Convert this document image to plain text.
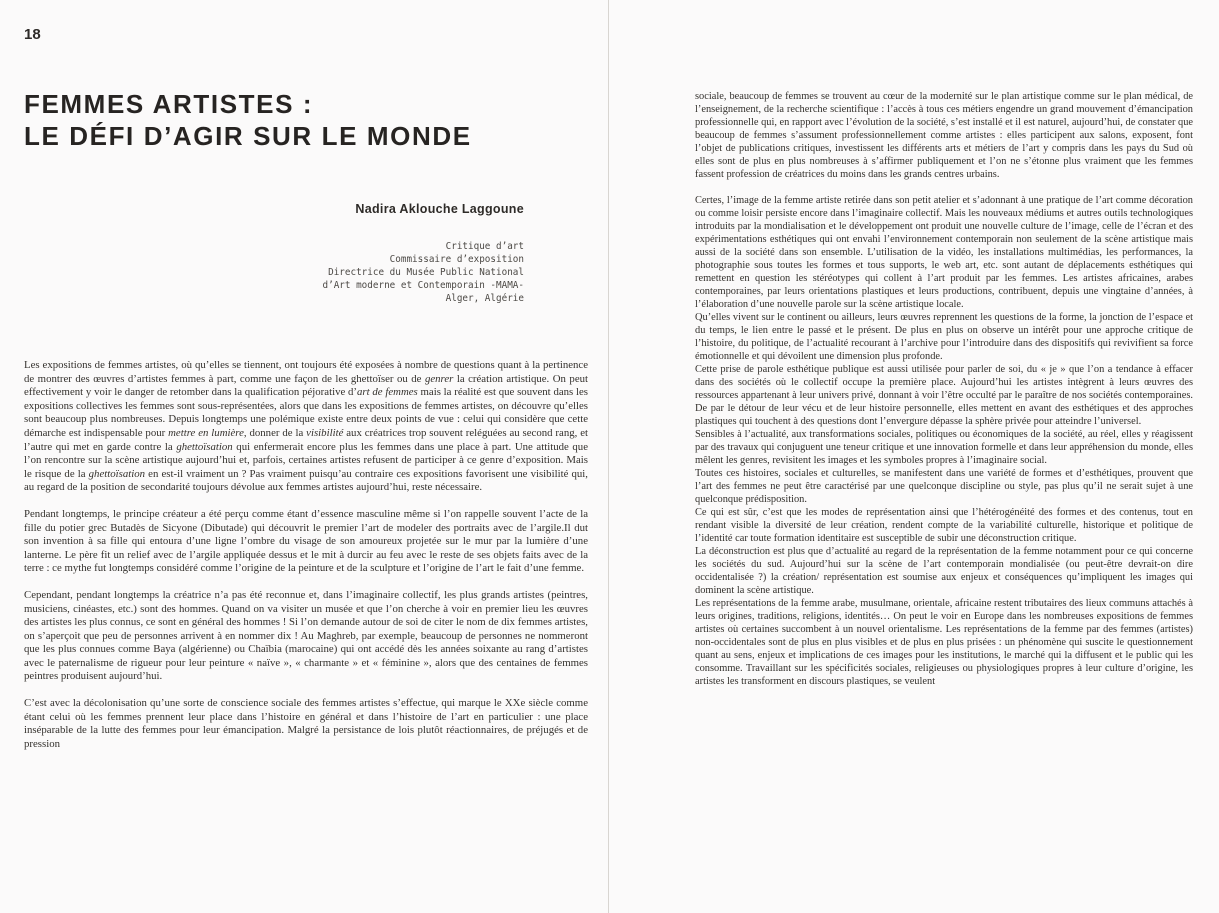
18
FEMMES ARTISTES :
LE DÉFI D’AGIR SUR LE MONDE
Nadira Aklouche Laggoune
Critique d’art
Commissaire d’exposition
Directrice du Musée Public National
d’Art moderne et Contemporain -MAMA-
Alger, Algérie

Les expositions de femmes artistes, où qu’elles se tiennent, ont toujours été exposées à nombre de questions quant à la pertinence de montrer des œuvres d’artistes femmes à part, comme une façon de les ghettoïser ou de genrer la création artistique. On peut effectivement y voir le danger de retomber dans la qualification péjorative d’art de femmes mais la réalité est que souvent dans les expositions collectives les femmes sont sous-représentées, alors que dans les expositions de femmes artistes, on découvre qu’elles sont beaucoup plus nombreuses. Depuis longtemps une polémique existe entre deux points de vue : celui qui considère que cette démarche est indispensable pour mettre en lumière, donner de la visibilité aux créatrices trop souvent reléguées au second rang, et l’autre qui met en garde contre la ghettoïsation qui enfermerait encore plus les femmes dans une place à part. Une attitude que l’on rencontre sur la scène artistique aujourd’hui et, parfois, certaines artistes refusent de participer à ce genre d’exposition. Mais le risque de la ghettoïsation en est-il vraiment un ? Pas vraiment puisqu’au contraire ces expositions favorisent une visibilité qui, au regard de la position de secondarité toujours dévolue aux femmes artistes aujourd’hui, reste nécessaire.

Pendant longtemps, le principe créateur a été perçu comme étant d’essence masculine même si l’on rappelle souvent l’acte de la fille du potier grec Butadès de Sicyone (Dibutade) qui découvrit le premier l’art de modeler des portraits avec de l’argile.Il dut son invention à sa fille qui entoura d’une ligne l’ombre du visage de son amoureux projetée sur le mur par la lumière d’une lanterne. Le père fit un relief avec de l’argile appliquée dessus et le mit à durcir au feu avec le reste de ses objets faits avec de la terre : ce mythe fut longtemps considéré comme l’origine de la peinture et de la sculpture et l’origine de l’art le fait d’une femme.

Cependant, pendant longtemps la créatrice n’a pas été reconnue et, dans l’imaginaire collectif, les plus grands artistes (peintres, musiciens, cinéastes, etc.) sont des hommes. Quand on va visiter un musée et que l’on cherche à voir en premier lieu les œuvres des artistes les plus connus, ce sont en général des hommes ! Si l’on demande autour de soi de citer le nom de dix femmes artistes, on s’aperçoit que peu de personnes arrivent à en nommer dix ! Au Maghreb, par exemple, beaucoup de personnes ne nommeront que les plus connues comme Baya (algérienne) ou Chaïbia (marocaine) qui ont accédé dès les années soixante au rang d’artistes avec le paternalisme de rigueur pour leur peinture « naïve », « charmante » et « féminine », alors que des centaines de femmes peintres produisent aujourd’hui.

C’est avec la décolonisation qu’une sorte de conscience sociale des femmes artistes s’effectue, qui marque le XXe siècle comme étant celui où les femmes prennent leur place dans l’histoire en général et dans l’histoire de l’art en particulier : une place inséparable de la lutte des femmes pour leur émancipation. Malgré la persistance de lois plutôt réactionnaires, de préjugés et de pression

sociale, beaucoup de femmes se trouvent au cœur de la modernité sur le plan artistique comme sur le plan médical, de l’enseignement, de la recherche scientifique : l’accès à tous ces métiers engendre un grand mouvement d’émancipation professionnelle qui, en rapport avec l’évolution de la société, s’est installé et il est naturel, aujourd’hui, de constater que beaucoup de femmes s’assument professionnellement comme artistes : elles participent aux salons, exposent, font l’objet de publications critiques, investissent les différents arts et métiers de l’art y compris dans les pays du Sud où elles sont de plus en plus nombreuses à s’affirmer publiquement et l’on ne s’étonne plus vraiment que les femmes fassent profession de créatrices du moins dans les grands centres urbains.

Certes, l’image de la femme artiste retirée dans son petit atelier et s’adonnant à une pratique de l’art comme décoration ou comme loisir persiste encore dans l’imaginaire collectif. Mais les nouveaux médiums et autres outils technologiques introduits par la mondialisation et le développement ont produit une nouvelle culture de l’image, celle de l’écran et des expérimentations esthétiques qui ont envahi l’environnement contemporain non seulement de la scène artistique mais aussi de la société dans son ensemble. L’utilisation de la vidéo, les installations multimédias, les performances, la photographie sous toutes les formes et tous supports, le web art, etc. sont autant de déplacements esthétiques qui remettent en question les stéréotypes qui collent à l’art produit par les femmes. Les artistes africaines, arabes contemporaines, par leurs orientations plastiques et leurs productions, contribuent, depuis une vingtaine d’années, à l’élaboration d’une nouvelle parole sur la scène artistique locale.

Qu’elles vivent sur le continent ou ailleurs, leurs œuvres reprennent les questions de la forme, la jonction de l’espace et du temps, le lien entre le passé et le présent. De plus en plus on observe un intérêt pour une approche critique de l’histoire, du politique, de l’actualité recourant à l’archive pour l’introduire dans des dispositifs qui revivifient sa force émotionnelle et qui dévoilent une dimension plus profonde.

Cette prise de parole esthétique publique est aussi utilisée pour parler de soi, du « je » que l’on a tendance à effacer dans des sociétés où le collectif occupe la première place. Aujourd’hui les artistes intègrent à leurs œuvres des ressources appartenant à leur univers privé, donnant à voir l’être occulté par le paraître de nos sociétés contemporaines. De par le détour de leur vécu et de leur histoire personnelle, elles mettent en avant des esthétiques et des approches plastiques qui touchent à des questions dont l’envergure dépasse la sphère privée pour atteindre l’universel.

Sensibles à l’actualité, aux transformations sociales, politiques ou économiques de la société, au réel, elles y réagissent par des travaux qui conjuguent une teneur critique et une innovation formelle et dans leur appréhension du monde, elles mêlent les genres, revisitent les images et les symboles propres à l’imaginaire social.

Toutes ces histoires, sociales et culturelles, se manifestent dans une variété de formes et d’esthétiques, prouvent que l’art des femmes ne peut être caractérisé par une quelconque discipline ou style, pas plus qu’il ne serait sujet à une quelconque prédisposition.

Ce qui est sûr, c’est que les modes de représentation ainsi que l’hétérogénéité des formes et des contenus, tout en rendant visible la diversité de leur création, rendent compte de la variabilité culturelle, historique et politique de l’identité car toute formation identitaire est susceptible de subir une déconstruction critique.

La déconstruction est plus que d’actualité au regard de la représentation de la femme notamment pour ce qui concerne les sociétés du sud. Aujourd’hui sur la scène de l’art contemporain mondialisée (ou peut-être devrait-on dire occidentalisée ?) la création/ représentation est soumise aux enjeux et conséquences qu’impliquent les images qui dominent la scène artistique.

Les représentations de la femme arabe, musulmane, orientale, africaine restent tributaires des lieux communs attachés à leurs origines, traditions, religions, identités… On peut le voir en Europe dans les nombreuses expositions de femmes artistes où certaines succombent à un nouvel orientalisme. Les représentations de la femme par des femmes (artistes) non-occidentales sont de plus en plus visibles et de plus en plus prisées : un phénomène qui suscite le questionnement quant au sens, enjeux et implications de ces images pour les institutions, le marché qui la diffusent et le public qui les consomme. Travaillant sur les spécificités sociales, religieuses ou physiologiques propres à leur culture d’origine, les artistes les transforment en discours plastiques, se veulent
